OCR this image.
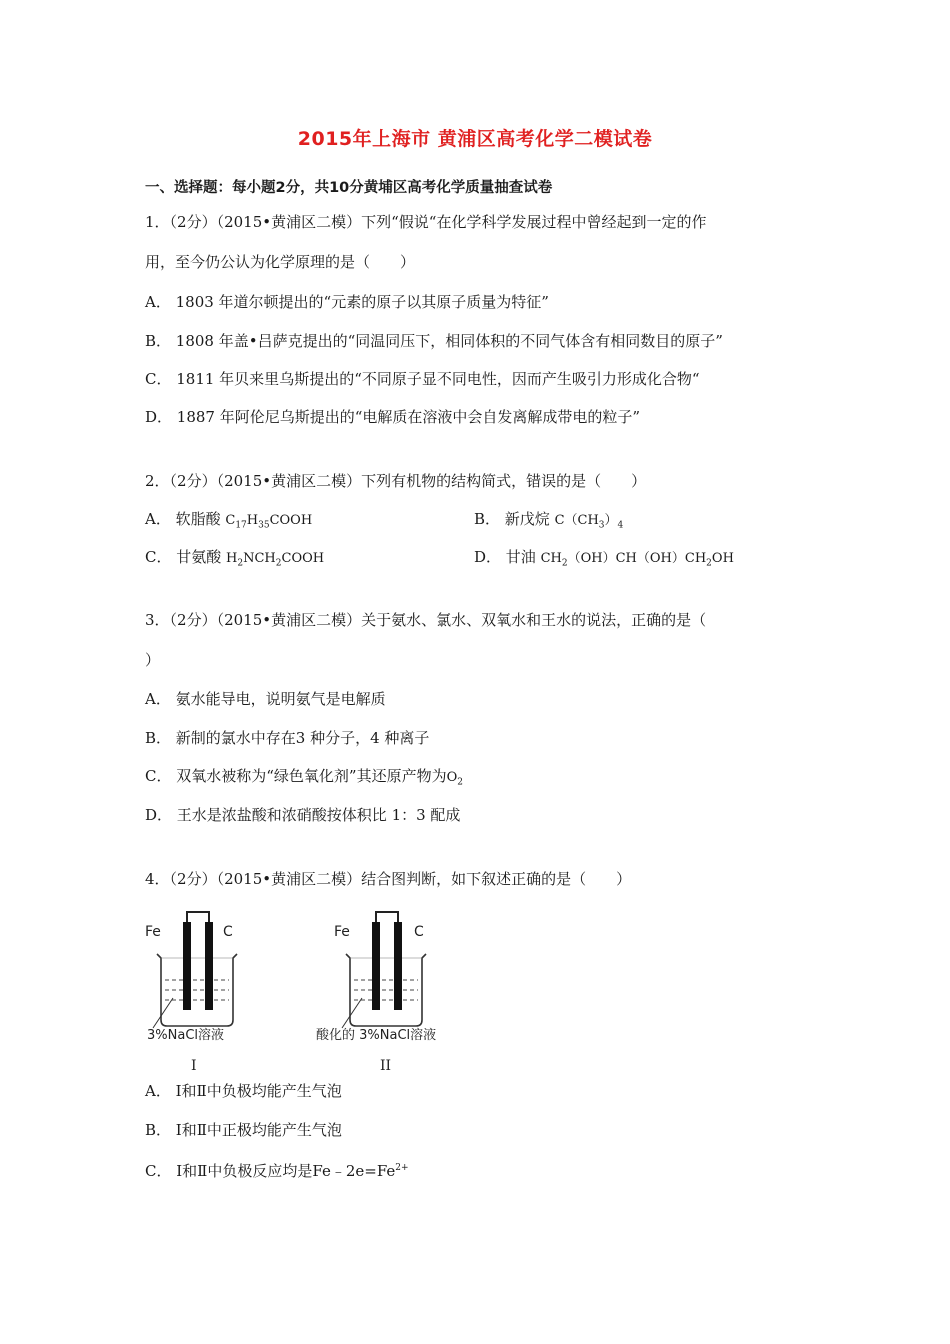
2015年上海市 黄浦区高考化学二模试卷
一、选择题：每小题2分，共10分黄埔区高考化学质量抽查试卷
1．（2分）（2015•黄浦区二模）下列“假说“在化学科学发展过程中曾经起到一定的作
用，至今仍公认为化学原理的是（　　）
A． 1803 年道尔顿提出的“元素的原子以其原子质量为特征”
B． 1808 年盖•吕萨克提出的“同温同压下，相同体积的不同气体含有相同数目的原子”
C． 1811 年贝来里乌斯提出的“不同原子显不同电性，因而产生吸引力形成化合物“
D． 1887 年阿伦尼乌斯提出的“电解质在溶液中会自发离解成带电的粒子”
2．（2分）（2015•黄浦区二模）下列有机物的结构简式，错误的是（　　）
A． 软脂酸 $C_{17}H_{35}COOH$	B． 新戊烷 $C(CH_3)_4$
C． 甘氨酸 $H_2NCH_2COOH$	D． 甘油 $CH_2(OH)CH(OH)CH_2OH$
3．（2分）（2015•黄浦区二模）关于氨水、氯水、双氧水和王水的说法，正确的是（
）
A． 氨水能导电，说明氨气是电解质
B． 新制的氯水中存在3 种分子，4 种离子
C． 双氧水被称为“绿色氧化剂”其还原产物为$O_2$
D． 王水是浓盐酸和浓硝酸按体积比 1：3 配成
4．（2分）（2015•黄浦区二模）结合图判断，如下叙述正确的是（　　）
Fe	C
3%NaCl溶液
I
Fe	C
酸化的 3%NaCl溶液
II
A． Ⅰ和Ⅱ中负极均能产生气泡
B． Ⅰ和Ⅱ中正极均能产生气泡
C． Ⅰ和Ⅱ中负极反应均是$Fe﹣2e=Fe^{2+}$
